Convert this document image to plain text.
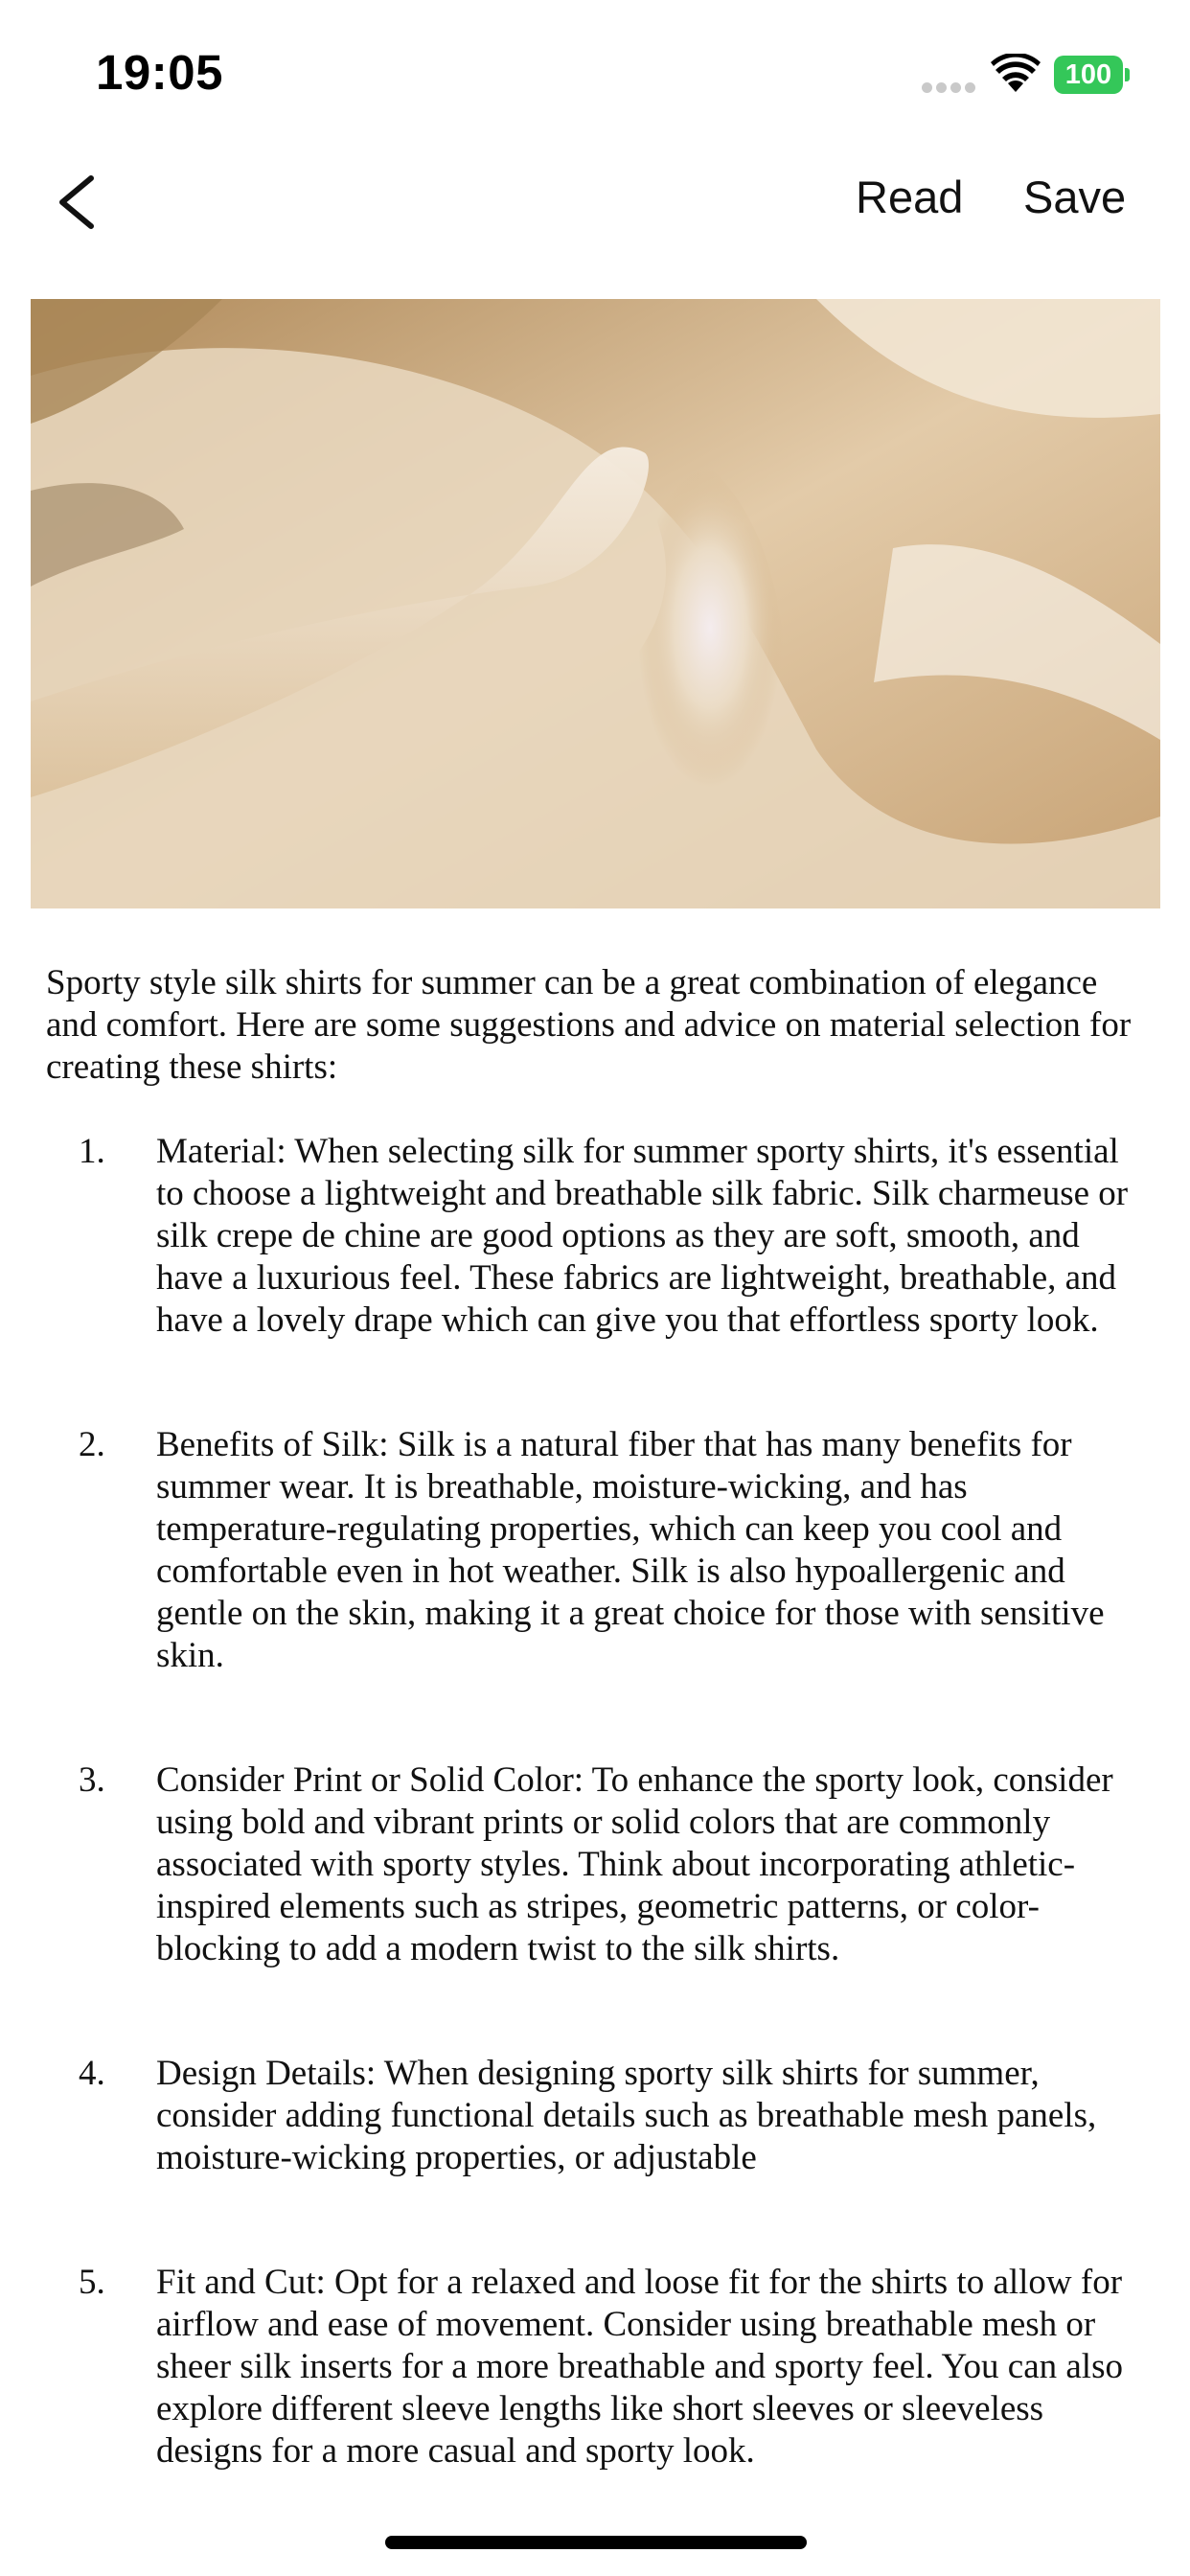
19:05	100
Read Save

Sporty style silk shirts for summer can be a great combination of elegance and comfort. Here are some suggestions and advice on material selection for creating these shirts:

1. Material: When selecting silk for summer sporty shirts, it's essential to choose a lightweight and breathable silk fabric. Silk charmeuse or silk crepe de chine are good options as they are soft, smooth, and have a luxurious feel. These fabrics are lightweight, breathable, and have a lovely drape which can give you that effortless sporty look.

2. Benefits of Silk: Silk is a natural fiber that has many benefits for summer wear. It is breathable, moisture-wicking, and has temperature-regulating properties, which can keep you cool and comfortable even in hot weather. Silk is also hypoallergenic and gentle on the skin, making it a great choice for those with sensitive skin.

3. Consider Print or Solid Color: To enhance the sporty look, consider using bold and vibrant prints or solid colors that are commonly associated with sporty styles. Think about incorporating athletic-inspired elements such as stripes, geometric patterns, or color-blocking to add a modern twist to the silk shirts.

4. Design Details: When designing sporty silk shirts for summer, consider adding functional details such as breathable mesh panels, moisture-wicking properties, or adjustable

5. Fit and Cut: Opt for a relaxed and loose fit for the shirts to allow for airflow and ease of movement. Consider using breathable mesh or sheer silk inserts for a more breathable and sporty feel. You can also explore different sleeve lengths like short sleeves or sleeveless designs for a more casual and sporty look.
